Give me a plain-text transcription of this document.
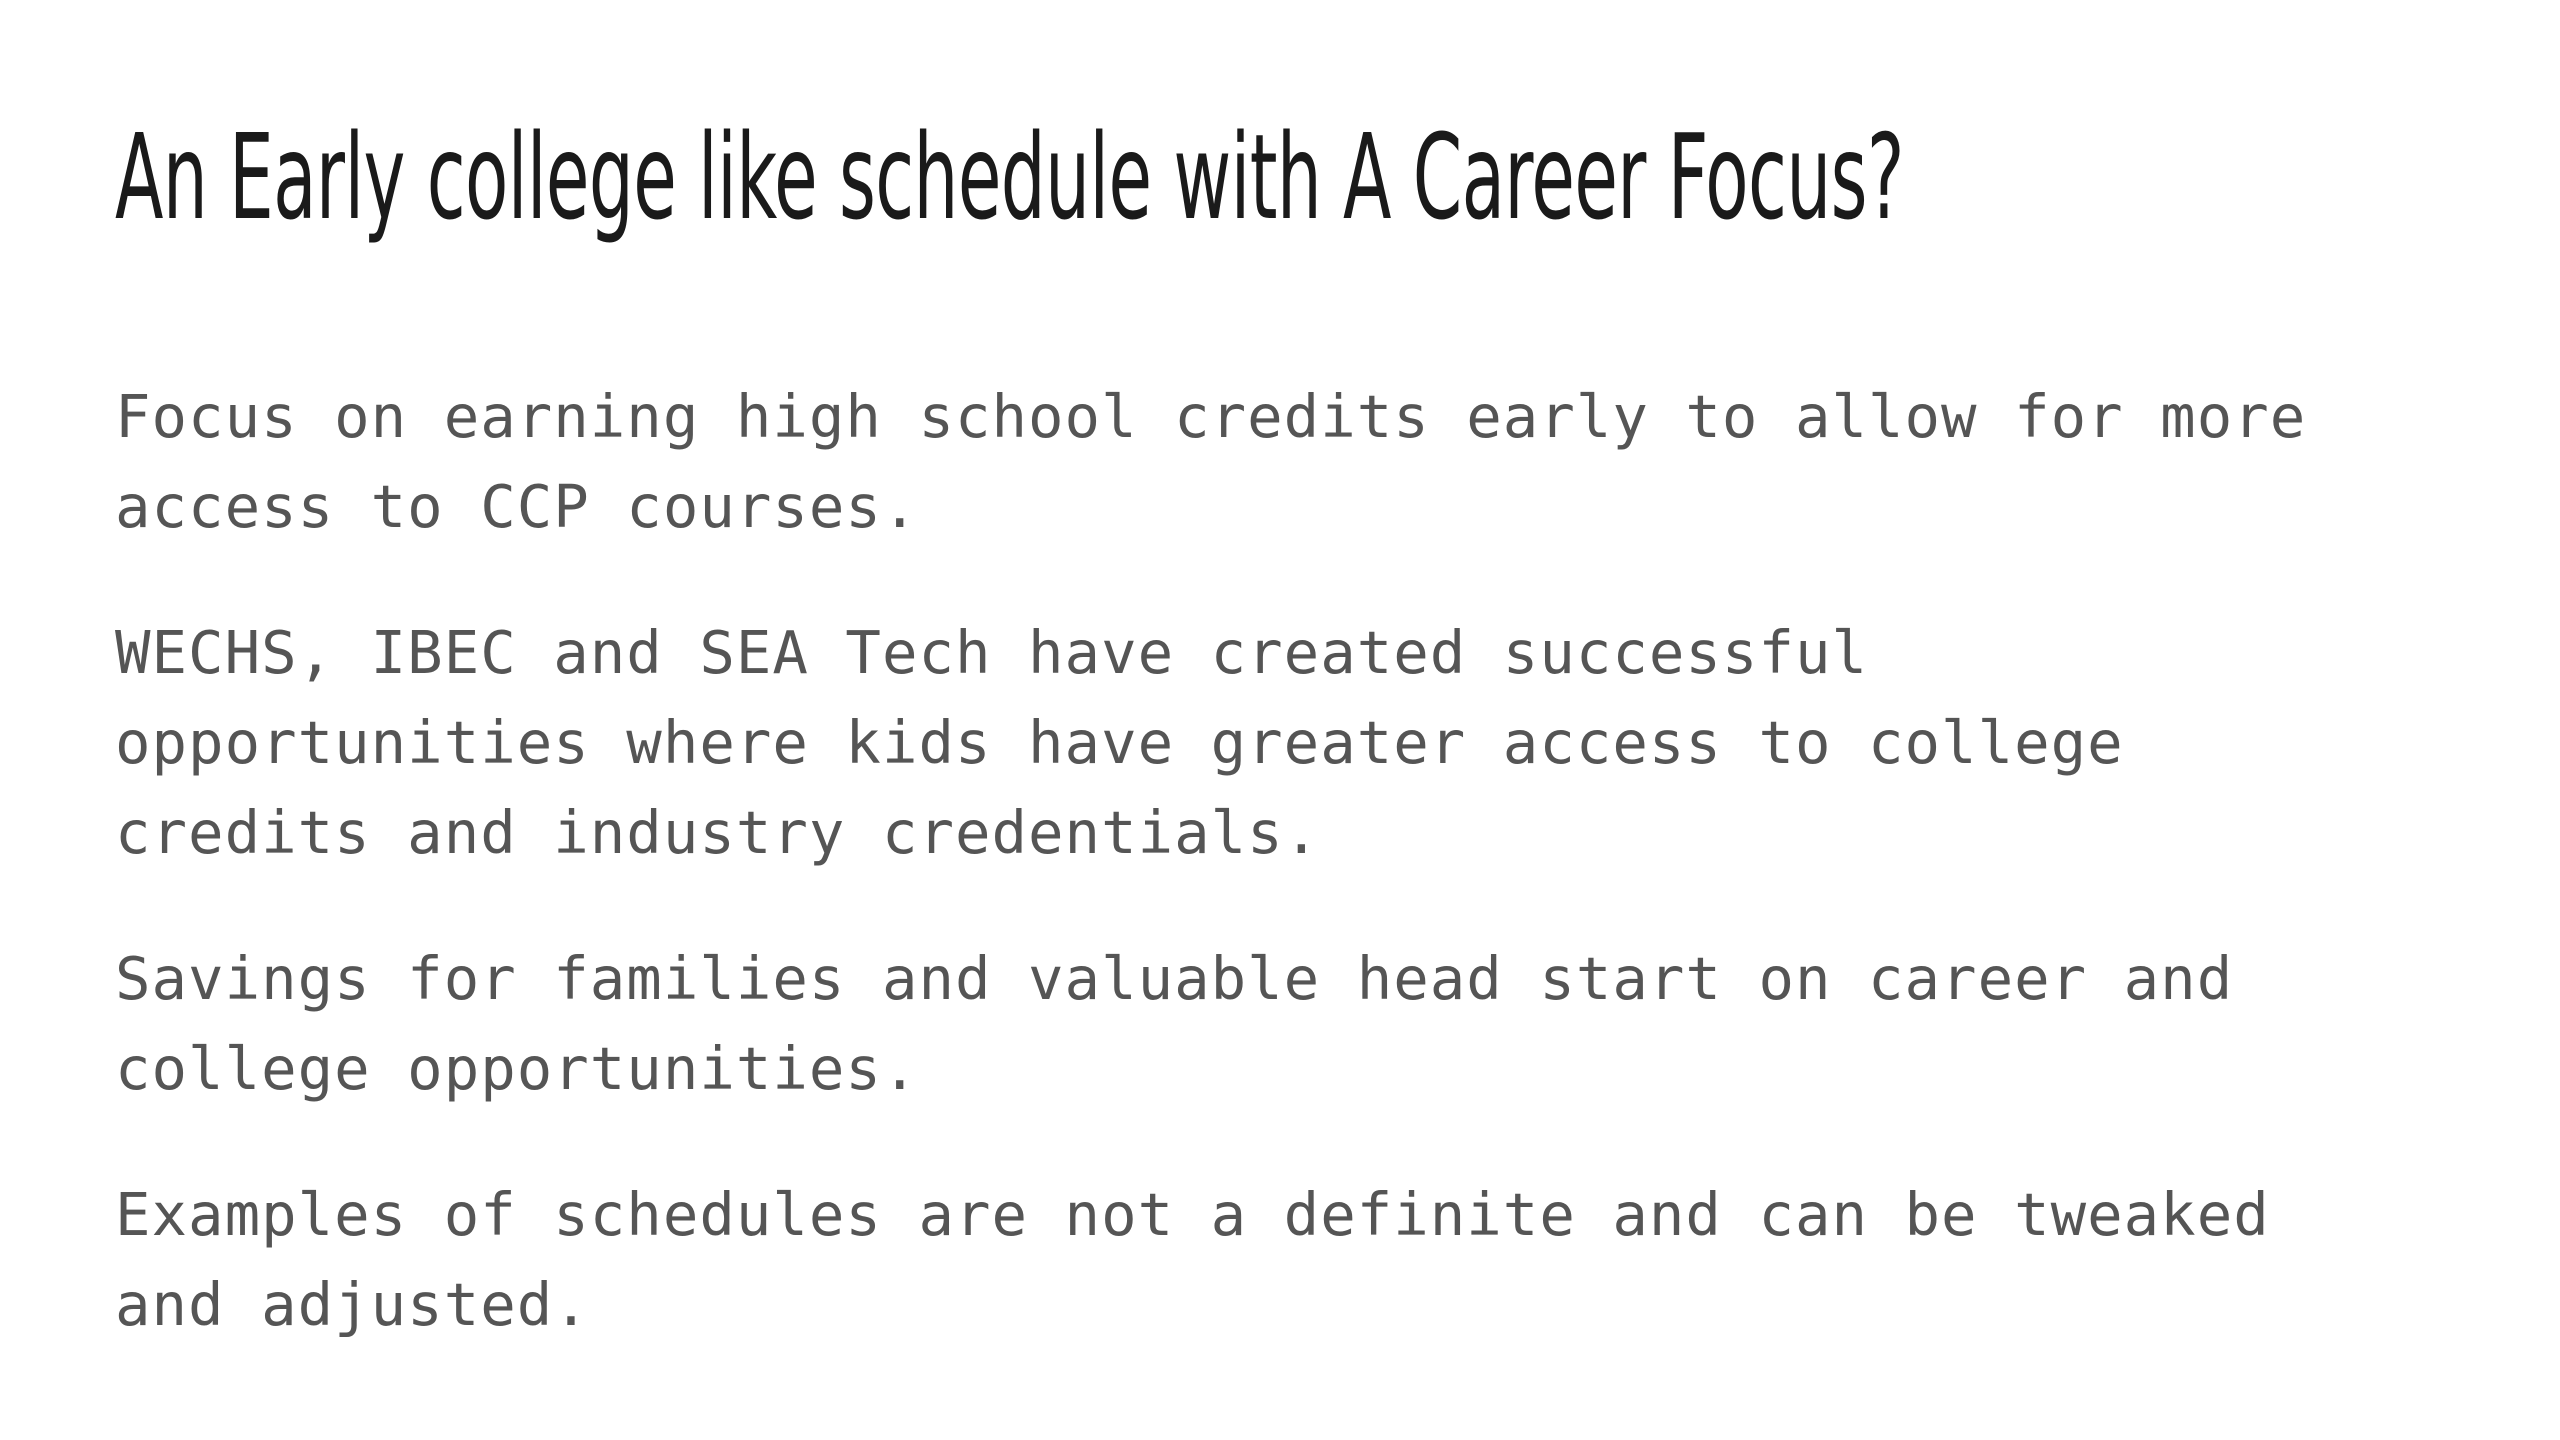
An Early college like schedule with A Career Focus?

Focus on earning high school credits early to allow for more
access to CCP courses.

WECHS, IBEC and SEA Tech have created successful
opportunities where kids have greater access to college
credits and industry credentials.

Savings for families and valuable head start on career and
college opportunities.

Examples of schedules are not a definite and can be tweaked
and adjusted.
